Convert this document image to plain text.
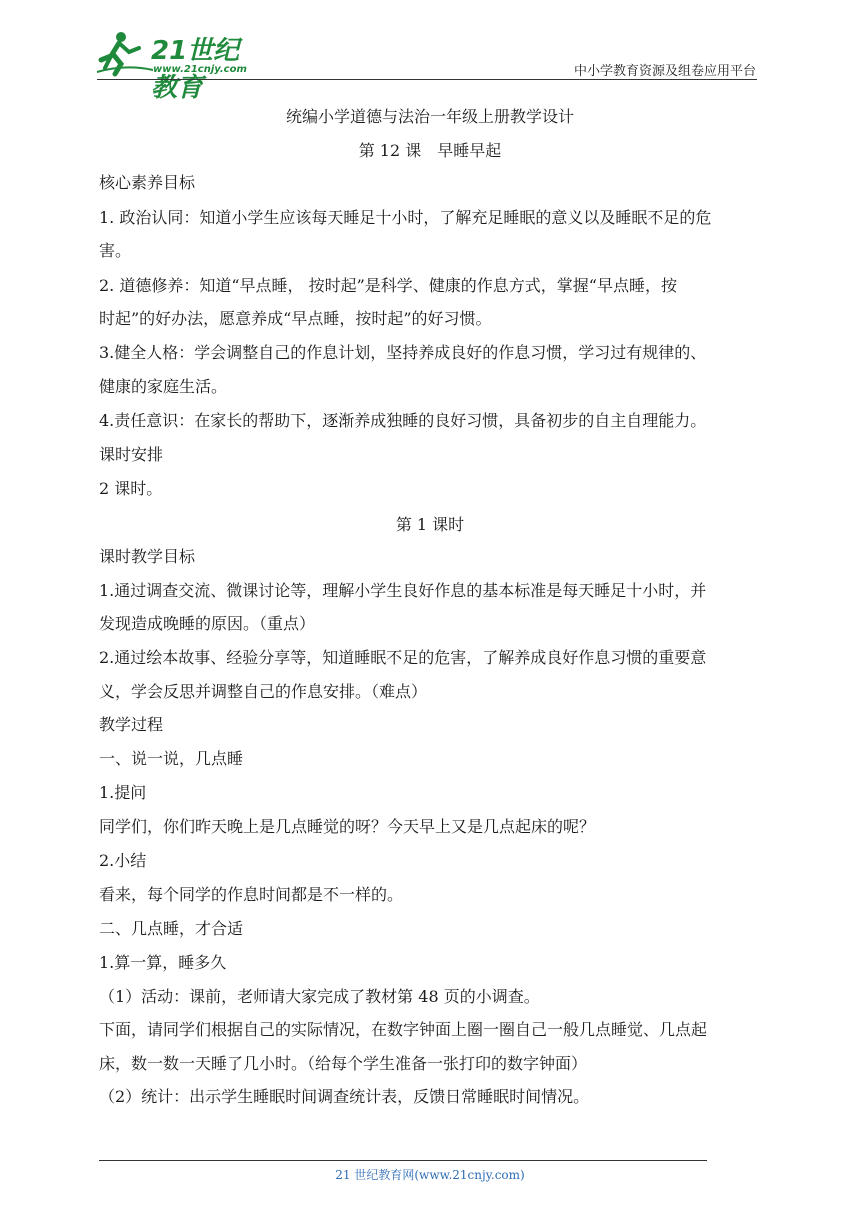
21世纪教育
www.21cnjy.com	中小学教育资源及组卷应用平台
统编小学道德与法治一年级上册教学设计
第 12 课　早睡早起
核心素养目标
1. 政治认同：知道小学生应该每天睡足十小时，了解充足睡眠的意义以及睡眠不足的危
害。
2. 道德修养：知道“早点睡， 按时起”是科学、健康的作息方式，掌握“早点睡，按
时起”的好办法，愿意养成“早点睡，按时起”的好习惯。
3.健全人格：学会调整自己的作息计划，坚持养成良好的作息习惯，学习过有规律的、
健康的家庭生活。
4.责任意识：在家长的帮助下，逐渐养成独睡的良好习惯，具备初步的自主自理能力。
课时安排
2 课时。
第 1 课时
课时教学目标
1.通过调查交流、微课讨论等，理解小学生良好作息的基本标准是每天睡足十小时，并
发现造成晚睡的原因。（重点）
2.通过绘本故事、经验分享等，知道睡眠不足的危害，了解养成良好作息习惯的重要意
义，学会反思并调整自己的作息安排。（难点）
教学过程
一、说一说，几点睡
1.提问
同学们，你们昨天晚上是几点睡觉的呀？今天早上又是几点起床的呢？
2.小结
看来，每个同学的作息时间都是不一样的。
二、几点睡，才合适
1.算一算，睡多久
（1）活动：课前，老师请大家完成了教材第 48 页的小调查。
下面，请同学们根据自己的实际情况，在数字钟面上圈一圈自己一般几点睡觉、几点起
床，数一数一天睡了几小时。（给每个学生准备一张打印的数字钟面）
（2）统计：出示学生睡眠时间调查统计表，反馈日常睡眠时间情况。
21 世纪教育网(www.21cnjy.com)
